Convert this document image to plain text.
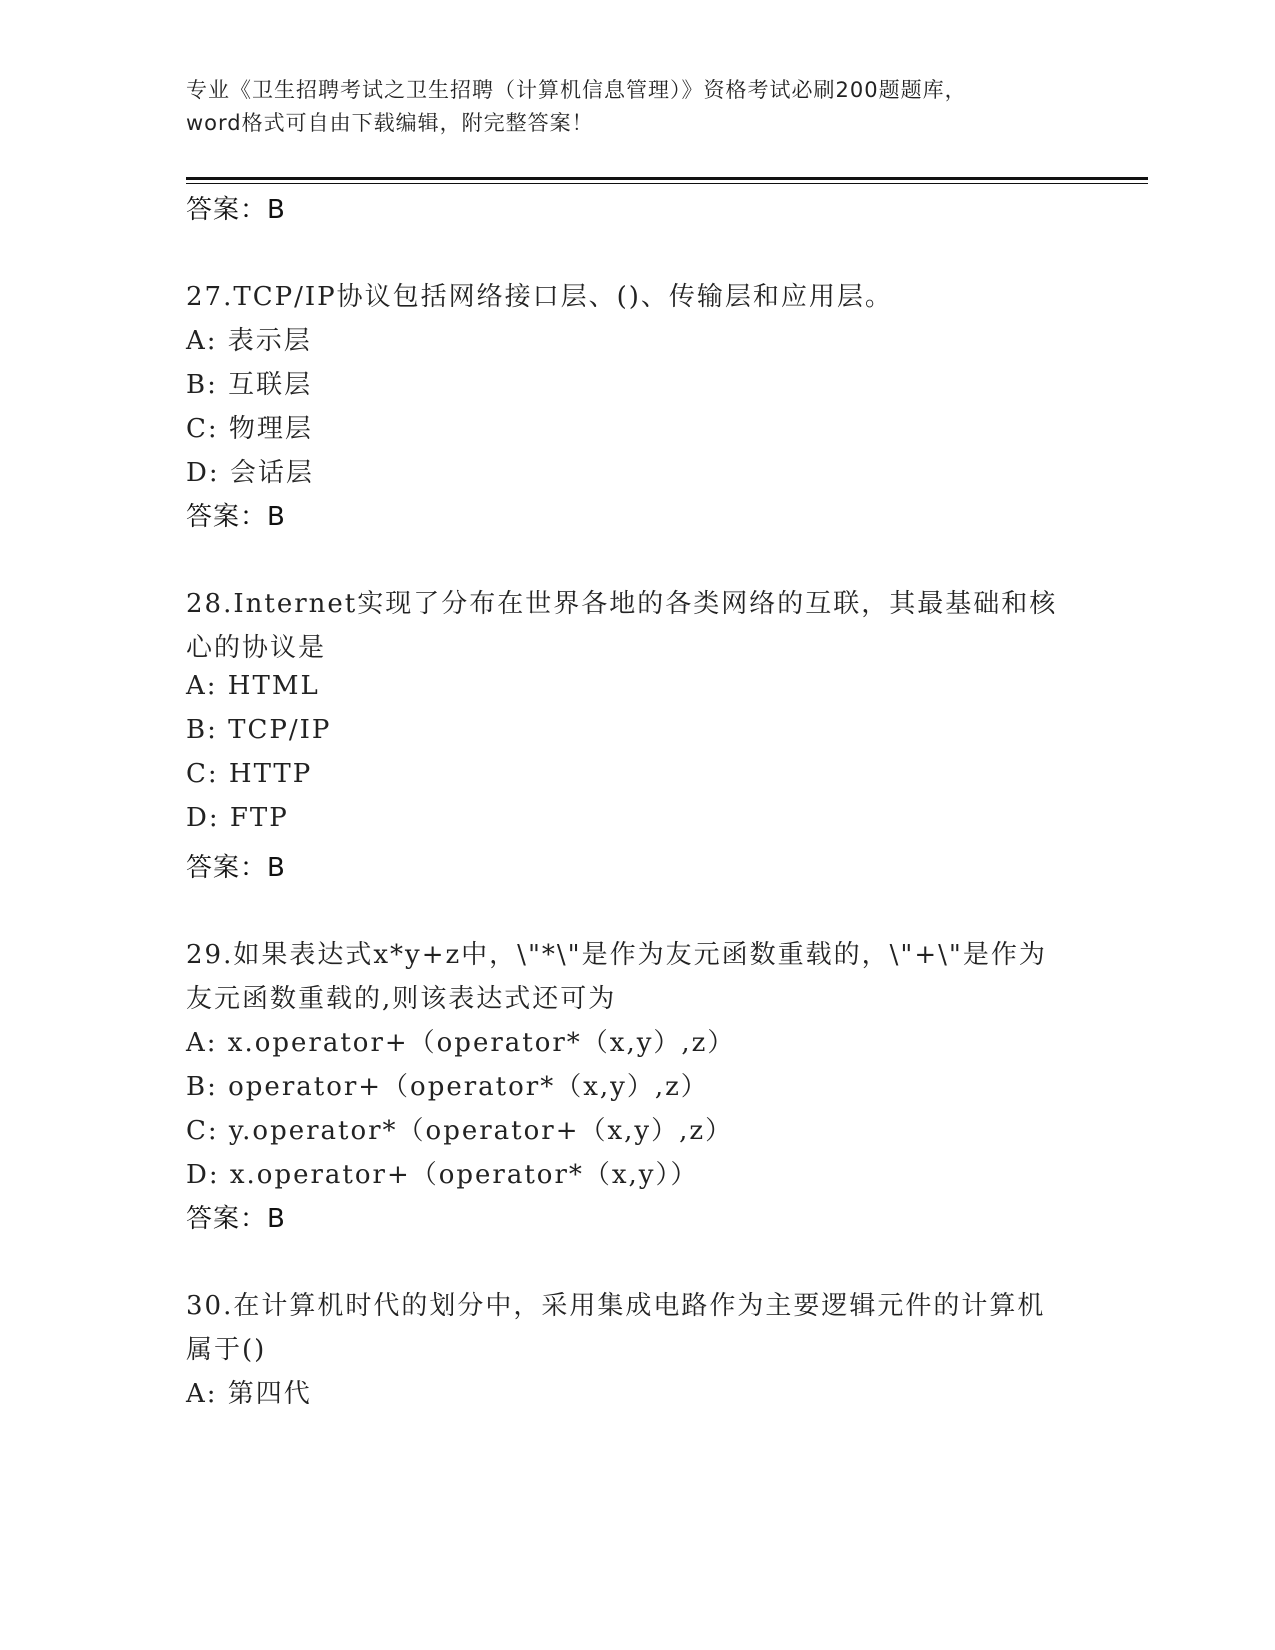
专业《卫生招聘考试之卫生招聘（计算机信息管理）》资格考试必刷200题题库，
word格式可自由下载编辑，附完整答案！
答案：B
27.TCP/IP协议包括网络接口层、()、传输层和应用层。
A: 表示层
B: 互联层
C: 物理层
D: 会话层
答案：B
28.Internet实现了分布在世界各地的各类网络的互联，其最基础和核
心的协议是
A: HTML
B: TCP/IP
C: HTTP
D: FTP
答案：B
29.如果表达式x*y+z中，\"*\"是作为友元函数重载的，\"+\"是作为
友元函数重载的,则该表达式还可为
A: x.operator+（operator*（x,y）,z）
B: operator+（operator*（x,y）,z）
C: y.operator*（operator+（x,y）,z）
D: x.operator+（operator*（x,y））
答案：B
30.在计算机时代的划分中，采用集成电路作为主要逻辑元件的计算机
属于()
A: 第四代
